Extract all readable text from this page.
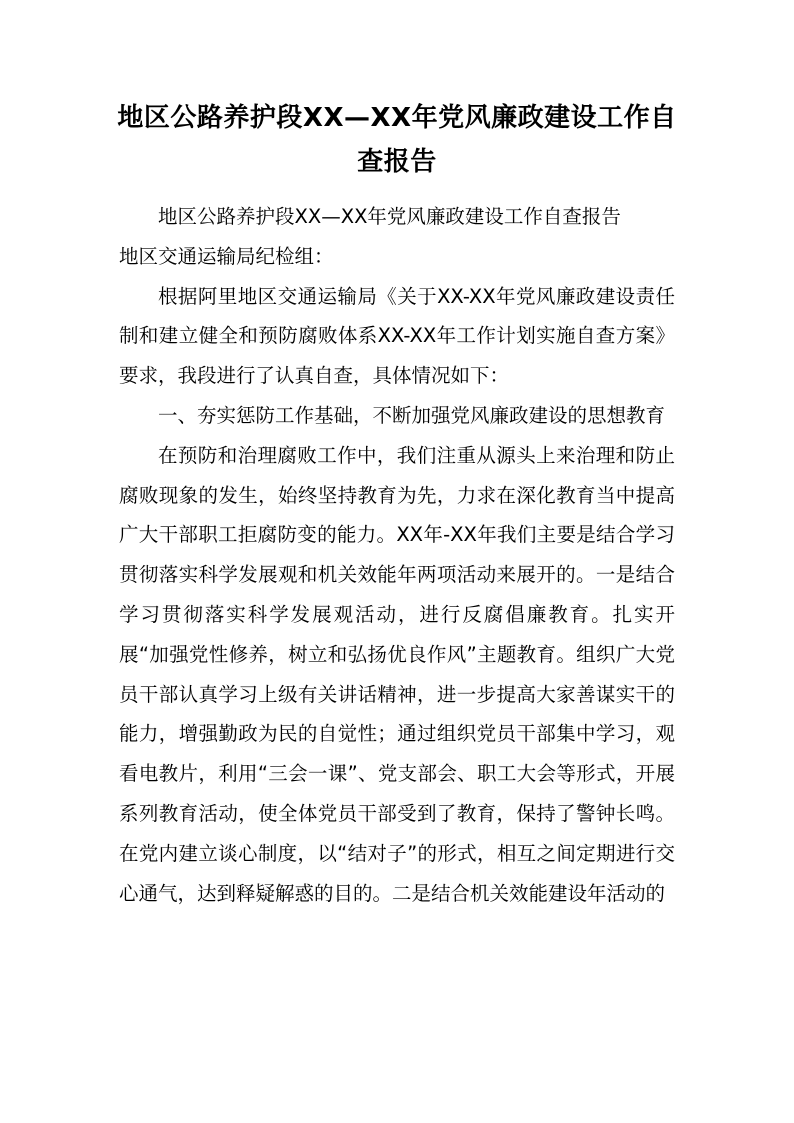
地区公路养护段XX—XX年党风廉政建设工作自查报告

地区公路养护段XX—XX年党风廉政建设工作自查报告

地区交通运输局纪检组：

根据阿里地区交通运输局《关于XX-XX年党风廉政建设责任制和建立健全和预防腐败体系XX-XX年工作计划实施自查方案》要求，我段进行了认真自查，具体情况如下：

一、夯实惩防工作基础，不断加强党风廉政建设的思想教育

在预防和治理腐败工作中，我们注重从源头上来治理和防止腐败现象的发生，始终坚持教育为先，力求在深化教育当中提高广大干部职工拒腐防变的能力。XX年-XX年我们主要是结合学习贯彻落实科学发展观和机关效能年两项活动来展开的。一是结合学习贯彻落实科学发展观活动，进行反腐倡廉教育。扎实开展“加强党性修养，树立和弘扬优良作风”主题教育。组织广大党员干部认真学习上级有关讲话精神，进一步提高大家善谋实干的能力，增强勤政为民的自觉性；通过组织党员干部集中学习，观看电教片，利用“三会一课”、党支部会、职工大会等形式，开展系列教育活动，使全体党员干部受到了教育，保持了警钟长鸣。在党内建立谈心制度，以“结对子”的形式，相互之间定期进行交心通气，达到释疑解惑的目的。二是结合机关效能建设年活动的
